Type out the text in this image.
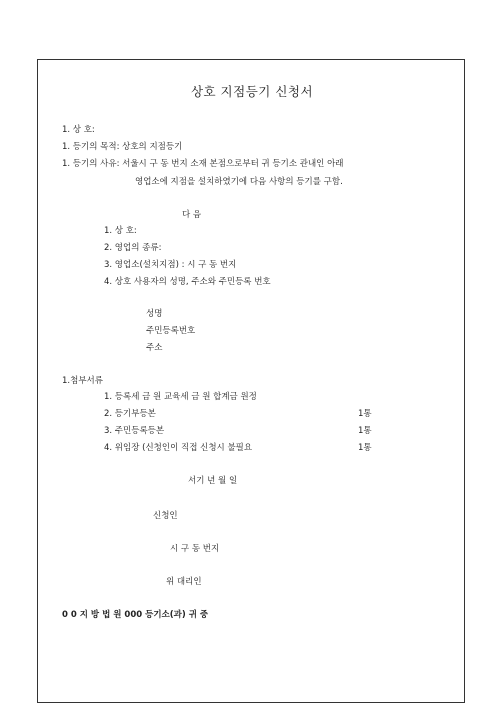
상호 지점등기 신청서
1. 상 호:
1. 등기의 목적: 상호의 지점등기
1. 등기의 사유: 서울시 구 동 번지 소재 본점으로부터 귀 등기소 관내인 아래
영업소에 지점을 설치하였기에 다음 사항의 등기를 구함.
다 음
1. 상 호:
2. 영업의 종류:
3. 영업소(설치지점) : 시 구 동 번지
4. 상호 사용자의 성명, 주소와 주민등록 번호
성명
주민등록번호
주소
1.첨부서류
1. 등록세 금 원 교육세 금 원 합계금 원정
2. 등기부등본	1통
3. 주민등록등본	1통
4. 위임장 (신청인이 직접 신청시 불필요	1통
서기 년 월 일
신청인
시 구 동 번지
위 대리인
0 0 지 방 법 원 000 등기소(과) 귀 중
